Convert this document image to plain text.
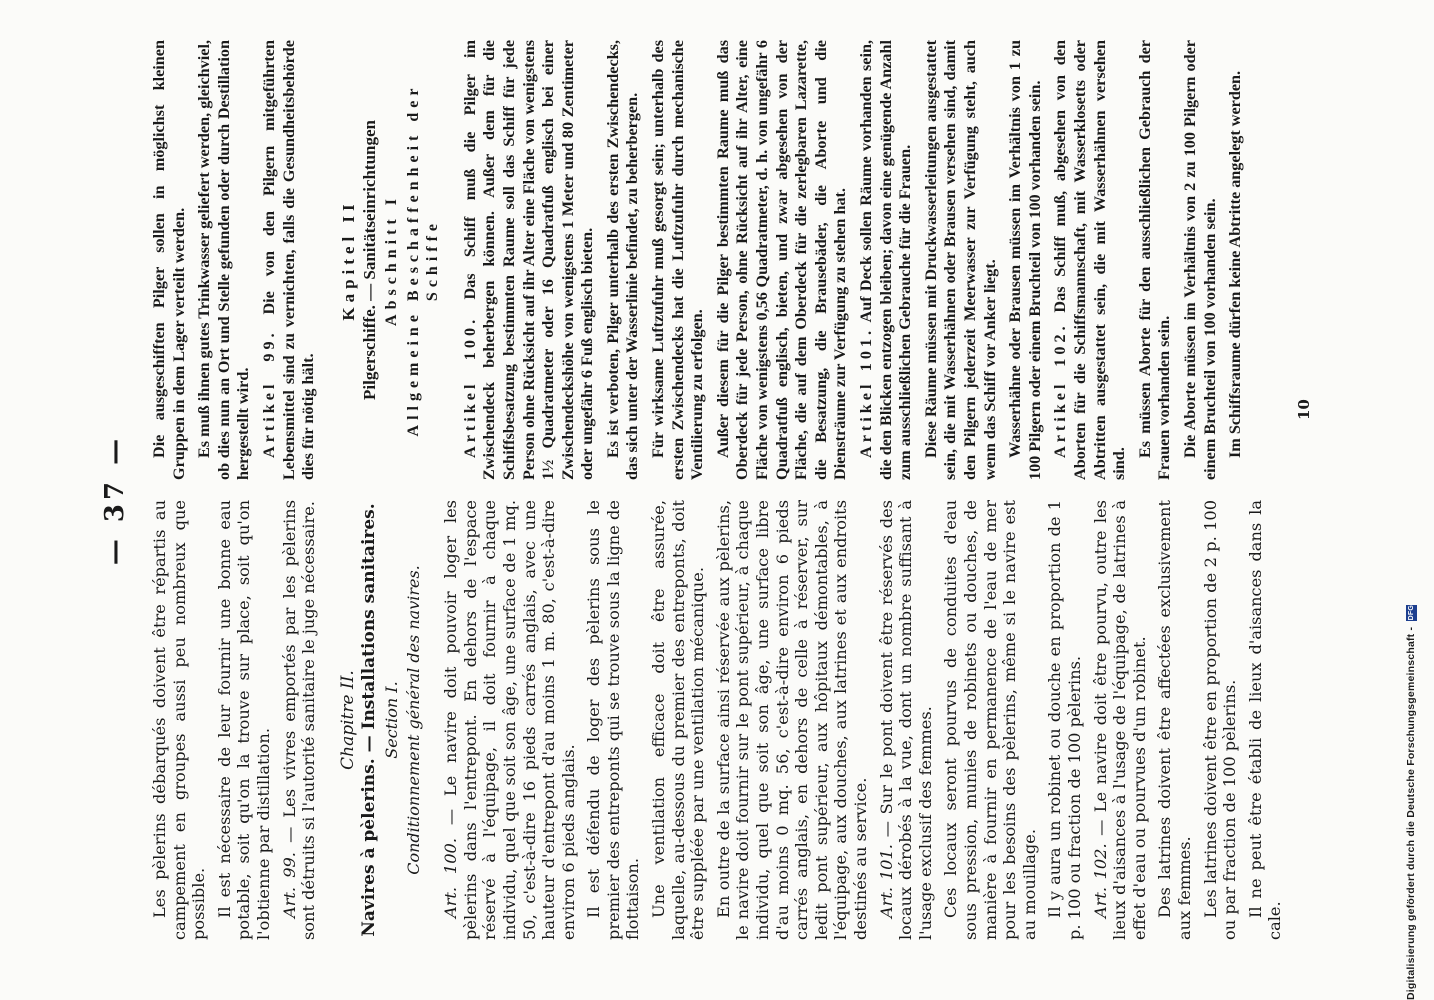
— 37 — Les pèlerins débarqués doivent être répartis au campement en groupes aussi peu nombreux que possible. Il est nécessaire de leur fournir une bonne eau potable, soit qu'on la trouve sur place, soit qu'on l'obtienne par distillation. Art. 99. — Les vivres emportés par les pèlerins sont détruits si l'autorité sanitaire le juge nécessaire. Chapitre II. Navires à pèlerins. — Installations sanitaires. Section I. Conditionnement général des navires.

Art. 100. — Le navire doit pouvoir loger les pèlerins dans l'entrepont. En dehors de l'espace réservé à l'équipage, il doit fournir à chaque individu, quel que soit son âge, une surface de 1 mq. 50, c'est-à-dire 16 pieds carrés anglais, avec une hauteur d'entrepont d'au moins 1 m. 80, c'est-à-dire environ 6 pieds anglais. Il est défendu de loger des pèlerins sous le premier des entreponts qui se trouve sous la ligne de flottaison. Une ventilation efficace doit être assurée, laquelle, au-dessous du premier des entreponts, doit être suppléée par une ventilation mécanique. En outre de la surface ainsi réservée aux pèlerins, le navire doit fournir sur le pont supérieur, à chaque individu, quel que soit son âge, une surface libre d'au moins 0 mq. 56, c'est-à-dire environ 6 pieds carrés anglais, en dehors de celle à réserver, sur ledit pont supérieur, aux hôpitaux démontables, à l'équipage, aux douches, aux latrines et aux endroits destinés au service. Art. 101. — Sur le pont doivent être réservés des locaux dérobés à la vue, dont un nombre suffisant à l'usage exclusif des femmes. Ces locaux seront pourvus de conduites d'eau sous pression, munies de robinets ou douches, de manière à fournir en permanence de l'eau de mer pour les besoins des pèlerins, même si le navire est au mouillage. Il y aura un robinet ou douche en proportion de 1 p. 100 ou fraction de 100 pèlerins. Art. 102. — Le navire doit être pourvu, outre les lieux d'aisances à l'usage de l'équipage, de latrines à effet d'eau ou pourvues d'un robinet. Des latrines doivent être affectées exclusivement aux femmes. Les latrines doivent être en proportion de 2 p. 100 ou par fraction de 100 pèlerins. Il ne peut être établi de lieux d'aisances dans la cale.

Die ausgeschifften Pilger sollen in möglichst kleinen Gruppen in dem Lager verteilt werden. Es muß ihnen gutes Trinkwasser geliefert werden, gleichviel, ob dies nun an Ort und Stelle gefunden oder durch Destillation hergestellt wird. Artikel 99. Die von den Pilgern mitgeführten Lebensmittel sind zu vernichten, falls die Gesundheitsbehörde dies für nötig hält.

Kapitel II Pilgerschiffe. — Sanitätseinrichtungen Abschnitt I Allgemeine Beschaffenheit der Schiffe

Artikel 100. Das Schiff muß die Pilger im Zwischendeck beherbergen können. Außer dem für die Schiffsbesatzung bestimmten Raume soll das Schiff für jede Person ohne Rücksicht auf ihr Alter eine Fläche von wenigstens 1½ Quadratmeter oder 16 Quadratfuß englisch bei einer Zwischendeckshöhe von wenigstens 1 Meter und 80 Zentimeter oder ungefähr 6 Fuß englisch bieten. Es ist verboten, Pilger unterhalb des ersten Zwischendecks, das sich unter der Wasserlinie befindet, zu beherbergen. Für wirksame Luftzufuhr muß gesorgt sein; unterhalb des ersten Zwischendecks hat die Luftzufuhr durch mechanische Ventilierung zu erfolgen. Außer diesem für die Pilger bestimmten Raume muß das Oberdeck für jede Person, ohne Rücksicht auf ihr Alter, eine Fläche von wenigstens 0,56 Quadratmeter, d. h. von ungefähr 6 Quadratfuß englisch, bieten, und zwar abgesehen von der Fläche, die auf dem Oberdeck für die zerlegbaren Lazarette, die Besatzung, die Brausebäder, die Aborte und die Diensträume zur Verfügung zu stehen hat. Artikel 101. Auf Deck sollen Räume vorhanden sein, die den Blicken entzogen bleiben; davon eine genügende Anzahl zum ausschließlichen Gebrauche für die Frauen. Diese Räume müssen mit Druckwasserleitungen ausgestattet sein, die mit Wasserhähnen oder Brausen versehen sind, damit den Pilgern jederzeit Meerwasser zur Verfügung steht, auch wenn das Schiff vor Anker liegt. Wasserhähne oder Brausen müssen im Verhältnis von 1 zu 100 Pilgern oder einem Bruchteil von 100 vorhanden sein. Artikel 102. Das Schiff muß, abgesehen von den Aborten für die Schiffsmannschaft, mit Wasserklosetts oder Abtritten ausgestattet sein, die mit Wasserhähnen versehen sind.

Es müssen Aborte für den ausschließlichen Gebrauch der Frauen vorhanden sein. Die Aborte müssen im Verhältnis von 2 zu 100 Pilgern oder einem Bruchteil von 100 vorhanden sein. Im Schiffsraume dürfen keine Abtritte angelegt werden.	10
Digitalisierung gefördert durch die Deutsche Forschungsgemeinschaft - DFG
